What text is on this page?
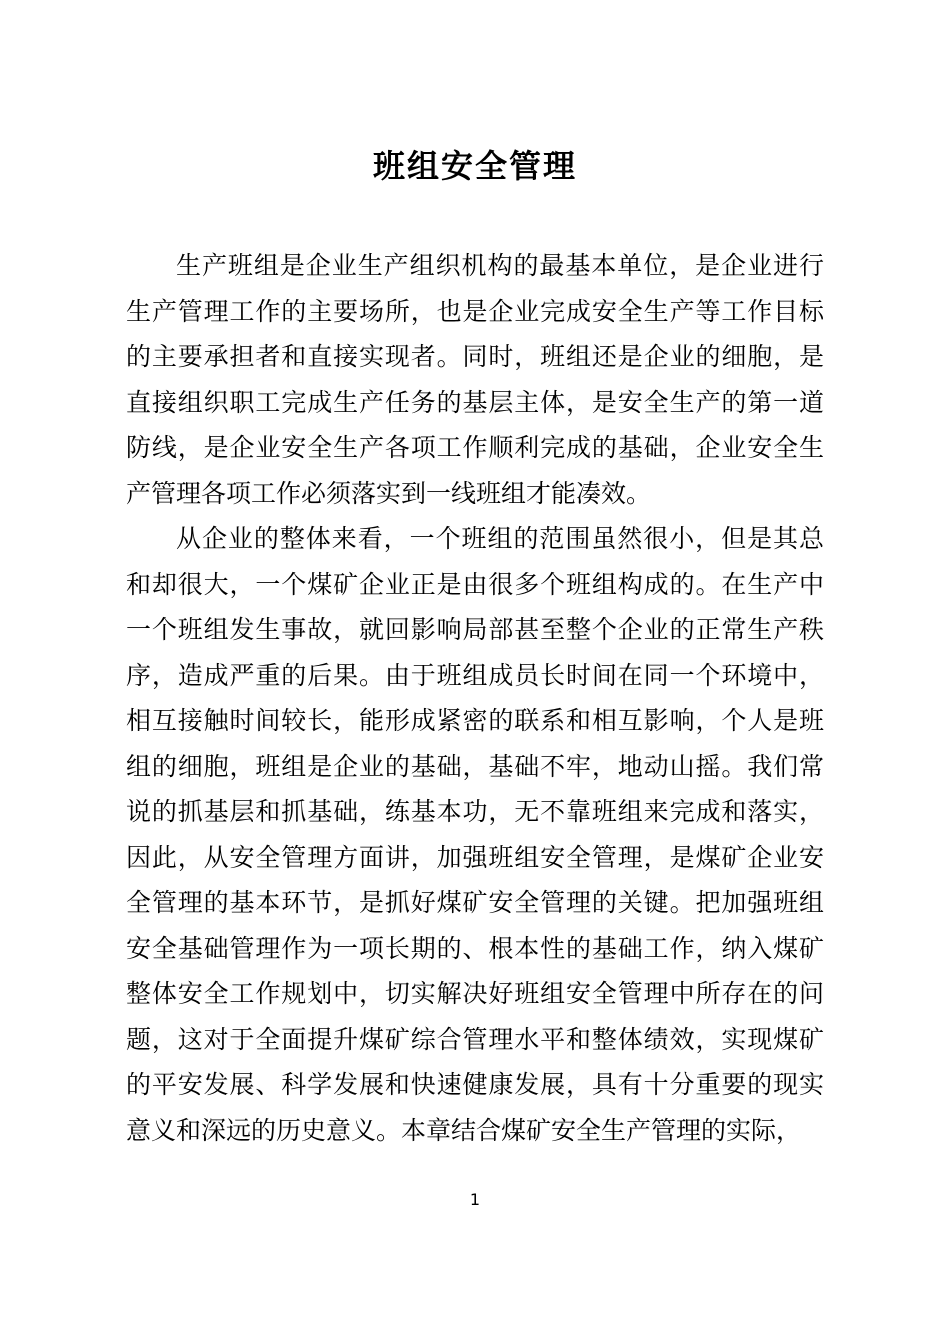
班组安全管理

生产班组是企业生产组织机构的最基本单位，是企业进行生产管理工作的主要场所，也是企业完成安全生产等工作目标的主要承担者和直接实现者。同时，班组还是企业的细胞，是直接组织职工完成生产任务的基层主体，是安全生产的第一道防线，是企业安全生产各项工作顺利完成的基础，企业安全生产管理各项工作必须落实到一线班组才能凑效。

从企业的整体来看，一个班组的范围虽然很小，但是其总和却很大，一个煤矿企业正是由很多个班组构成的。在生产中一个班组发生事故，就回影响局部甚至整个企业的正常生产秩序，造成严重的后果。由于班组成员长时间在同一个环境中，相互接触时间较长，能形成紧密的联系和相互影响，个人是班组的细胞，班组是企业的基础，基础不牢，地动山摇。我们常说的抓基层和抓基础，练基本功，无不靠班组来完成和落实，因此，从安全管理方面讲，加强班组安全管理，是煤矿企业安全管理的基本环节，是抓好煤矿安全管理的关键。把加强班组安全基础管理作为一项长期的、根本性的基础工作，纳入煤矿整体安全工作规划中，切实解决好班组安全管理中所存在的问题，这对于全面提升煤矿综合管理水平和整体绩效，实现煤矿的平安发展、科学发展和快速健康发展，具有十分重要的现实意义和深远的历史意义。本章结合煤矿安全生产管理的实际，

1
